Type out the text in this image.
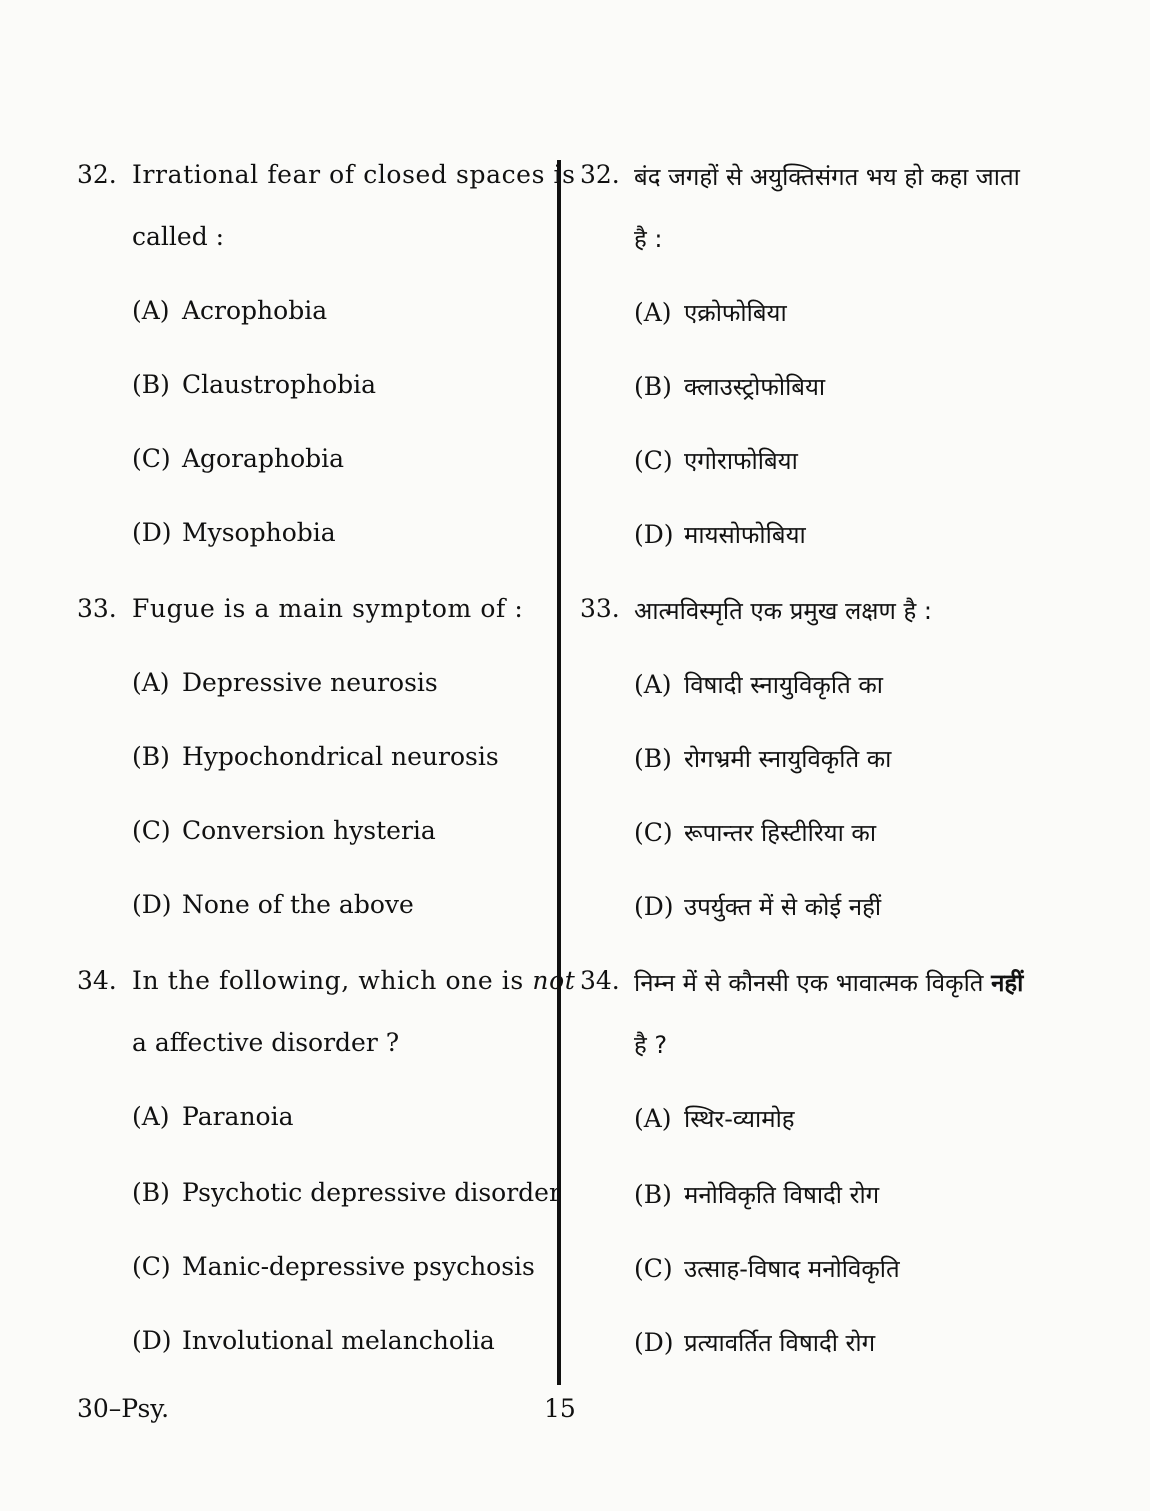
32. Irrational fear of closed spaces is
called :
(A) Acrophobia
(B) Claustrophobia
(C) Agoraphobia
(D) Mysophobia
33. Fugue is a main symptom of :
(A) Depressive neurosis
(B) Hypochondrical neurosis
(C) Conversion hysteria
(D) None of the above
34. In the following, which one is not
a affective disorder ?
(A) Paranoia
(B) Psychotic depressive disorder
(C) Manic-depressive psychosis
(D) Involutional melancholia
32. बंद जगहों से अयुक्तिसंगत भय हो कहा जाता
है :
(A) एक्रोफोबिया
(B) क्लाउस्ट्रोफोबिया
(C) एगोराफोबिया
(D) मायसोफोबिया
33. आत्मविस्मृति एक प्रमुख लक्षण है :
(A) विषादी स्नायुविकृति का
(B) रोगभ्रमी स्नायुविकृति का
(C) रूपान्तर हिस्टीरिया का
(D) उपर्युक्त में से कोई नहीं
34. निम्न में से कौनसी एक भावात्मक विकृति नहीं
है ?
(A) स्थिर-व्यामोह
(B) मनोविकृति विषादी रोग
(C) उत्साह-विषाद मनोविकृति
(D) प्रत्यावर्तित विषादी रोग
30–Psy.	15
